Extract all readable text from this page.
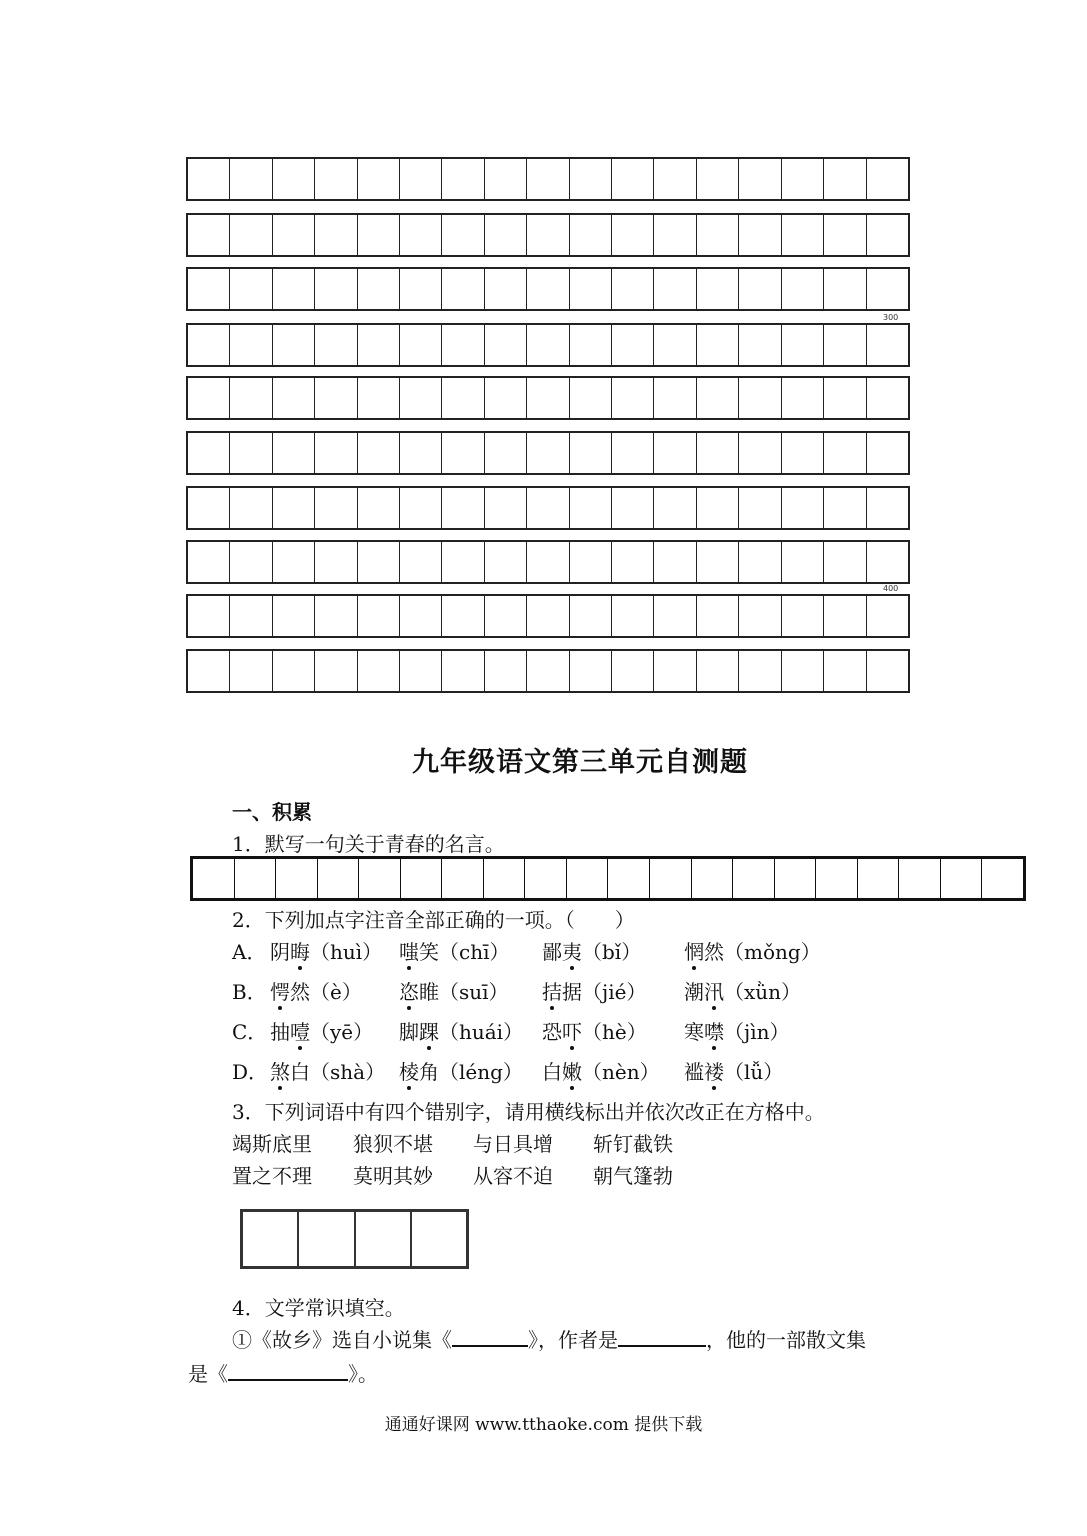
300
400
九年级语文第三单元自测题
一、积累
1．默写一句关于青春的名言。
2．下列加点字注音全部正确的一项。（　　）
A． 阴晦（huì） 嗤笑（chī） 鄙夷（bǐ） 惘然（mǒng）
B． 愕然（è） 恣睢（suī） 拮据（jié） 潮汛（xǜn）
C． 抽噎（yē） 脚踝（huái） 恐吓（hè） 寒噤（jìn）
D． 煞白（shà） 棱角（léng） 白嫩（nèn） 褴褛（lǚ）
3．下列词语中有四个错别字，请用横线标出并依次改正在方格中。
竭斯底里 狼狈不堪 与日具增 斩钉截铁
置之不理 莫明其妙 从容不迫 朝气篷勃
4．文学常识填空。
①《故乡》选自小说集《	》，作者是	，他的一部散文集
是《	》。
通通好课网 www.tthaoke.com 提供下载
